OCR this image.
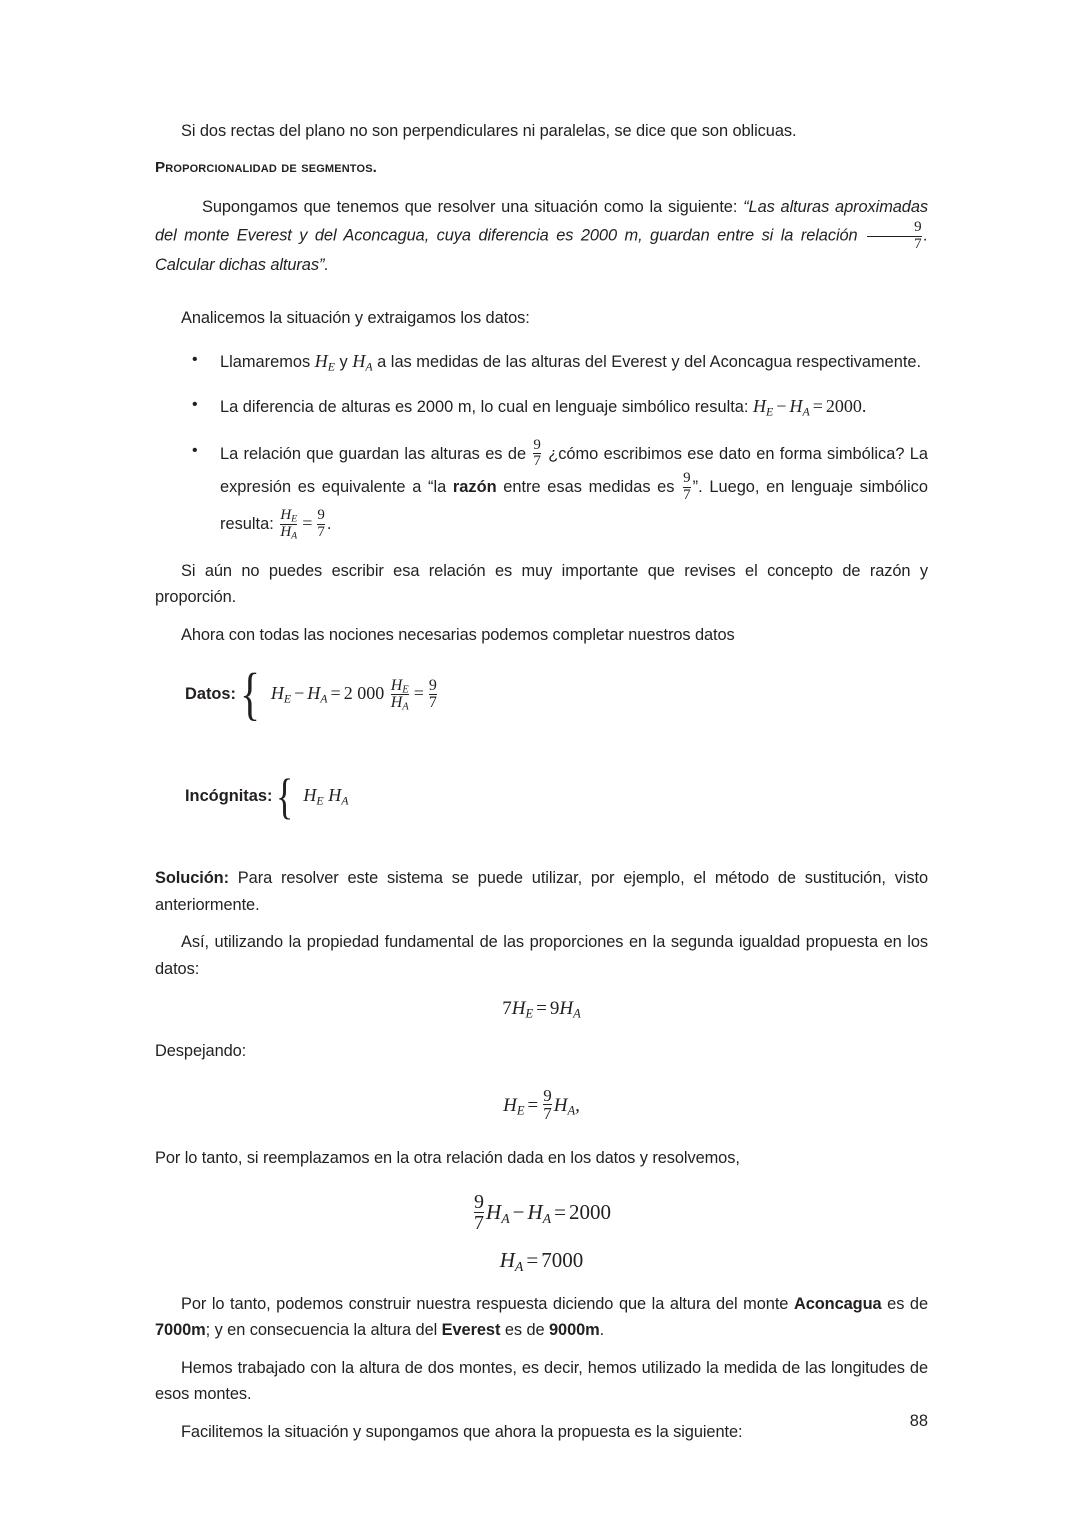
Si dos rectas del plano no son perpendiculares ni paralelas, se dice que son oblicuas.

Proporcionalidad de segmentos.

Supongamos que tenemos que resolver una situación como la siguiente: “Las alturas aproximadas del monte Everest y del Aconcagua, cuya diferencia es 2000 m, guardan entre si la relación $\frac{9}{7}$ . Calcular dichas alturas”.

Analicemos la situación y extraigamos los datos:

• Llamaremos $H_E$ y $H_A$ a las medidas de las alturas del Everest y del Aconcagua respectivamente.
• La diferencia de alturas es 2000 m, lo cual en lenguaje simbólico resulta: $H_E - H_A = 2000$.
• La relación que guardan las alturas es de $\frac{9}{7}$ ¿cómo escribimos ese dato en forma simbólica? La expresión es equivalente a “la razón entre esas medidas es $\frac{9}{7}$ ”. Luego, en lenguaje simbólico resulta: $\frac{H_E}{H_A} = \frac{9}{7}$ .

Si aún no puedes escribir esa relación es muy importante que revises el concepto de razón y proporción.

Ahora con todas las nociones necesarias podemos completar nuestros datos

Datos: { $H_E - H_A = 2$ $000 \frac{H_E}{H_A} = \frac{9}{7}$
Incógnitas: { $H_E$ $H_A$

Solución: Para resolver este sistema se puede utilizar, por ejemplo, el método de sustitución, visto anteriormente.

Así, utilizando la propiedad fundamental de las proporciones en la segunda igualdad propuesta en los datos:

$7H_E = 9H_A$

Despejando:

$H_E = \frac{9}{7} H_A$,

Por lo tanto, si reemplazamos en la otra relación dada en los datos y resolvemos,

$\frac{9}{7} H_A - H_A = 2000$
$H_A = 7000$

Por lo tanto, podemos construir nuestra respuesta diciendo que la altura del monte Aconcagua es de 7000m; y en consecuencia la altura del Everest es de 9000m.

Hemos trabajado con la altura de dos montes, es decir, hemos utilizado la medida de las longitudes de esos montes.

Facilitemos la situación y supongamos que ahora la propuesta es la siguiente:

88
